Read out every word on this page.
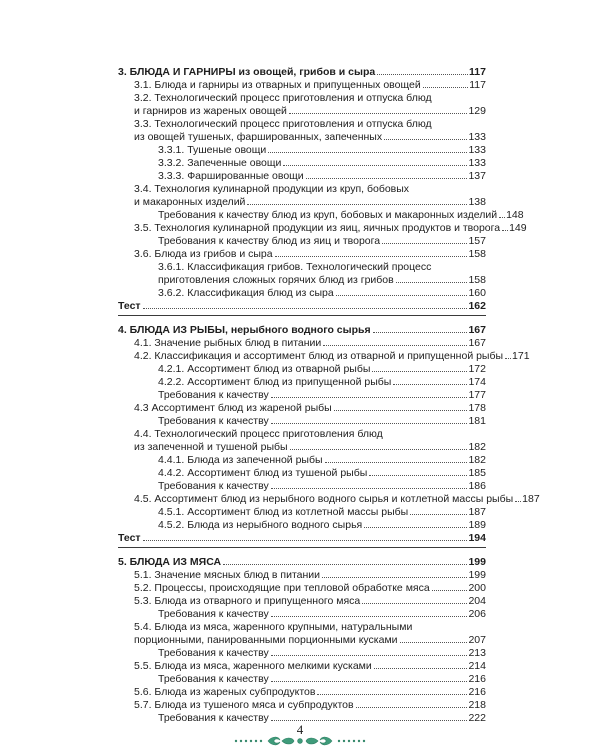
3. БЛЮДА И ГАРНИРЫ из овощей, грибов и сыра	117
3.1. Блюда и гарниры из отварных и припущенных овощей	117
3.2. Технологический процесс приготовления и отпуска блюд
и гарниров из жареных овощей	129
3.3. Технологический процесс приготовления и отпуска блюд
из овощей тушеных, фаршированных, запеченных	133
3.3.1. Тушеные овощи	133
3.3.2. Запеченные овощи	133
3.3.3. Фаршированные овощи	137
3.4. Технология кулинарной продукции из круп, бобовых
и макаронных изделий	138
Требования к качеству блюд из круп, бобовых и макаронных изделий 148
3.5. Технология кулинарной продукции из яиц, яичных продуктов и творога 149
Требования к качеству блюд из яиц и творога	157
3.6. Блюда из грибов и сыра	158
3.6.1. Классификация грибов. Технологический процесс
приготовления сложных горячих блюд из грибов	158
3.6.2. Классификация блюд из сыра	160
Тест	162
4. БЛЮДА ИЗ РЫБЫ, нерыбного водного сырья	167
4.1. Значение рыбных блюд в питании	167
4.2. Классификация и ассортимент блюд из отварной и припущенной рыбы 171
4.2.1. Ассортимент блюд из отварной рыбы	172
4.2.2. Ассортимент блюд из припущенной рыбы	174
Требования к качеству	177
4.3 Ассортимент блюд из жареной рыбы	178
Требования к качеству	181
4.4. Технологический процесс приготовления блюд
из запеченной и тушеной рыбы	182
4.4.1. Блюда из запеченной рыбы	182
4.4.2. Ассортимент блюд из тушеной рыбы	185
Требования к качеству	186
4.5. Ассортимент блюд из нерыбного водного сырья и котлетной массы рыбы 187
4.5.1. Ассортимент блюд из котлетной массы рыбы	187
4.5.2. Блюда из нерыбного водного сырья	189
Тест	194
5. БЛЮДА ИЗ МЯСА	199
5.1. Значение мясных блюд в питании	199
5.2. Процессы, происходящие при тепловой обработке мяса	200
5.3. Блюда из отварного и припущенного мяса	204
Требования к качеству	206
5.4. Блюда из мяса, жаренного крупными, натуральными
порционными, панированными порционными кусками	207
Требования к качеству	213
5.5. Блюда из мяса, жаренного мелкими кусками	214
Требования к качеству	216
5.6. Блюда из жареных субпродуктов	216
5.7. Блюда из тушеного мяса и субпродуктов	218
Требования к качеству	222
4
